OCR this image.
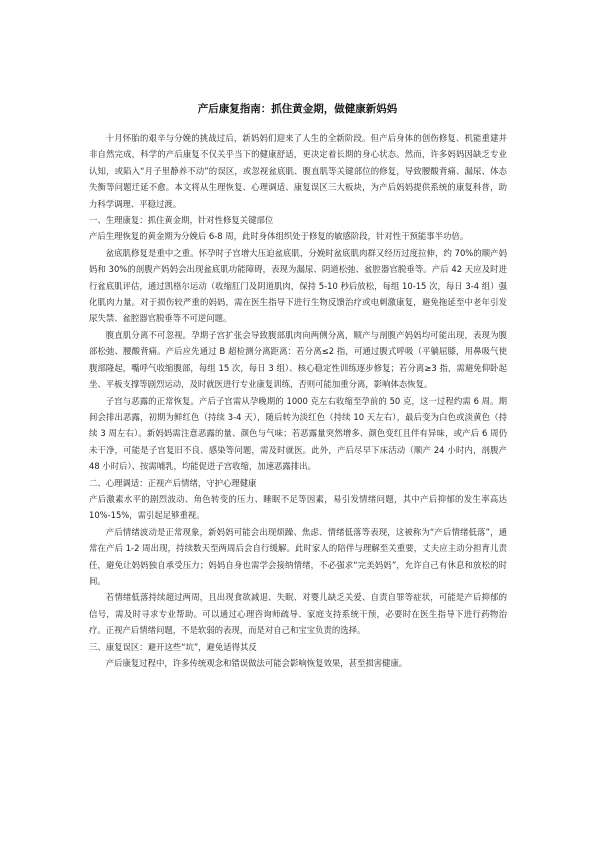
产后康复指南：抓住黄金期，做健康新妈妈

十月怀胎的艰辛与分娩的挑战过后，新妈妈们迎来了人生的全新阶段。但产后身体的创伤修复、机能重建并非自然完成，科学的产后康复不仅关乎当下的健康舒适，更决定着长期的身心状态。然而，许多妈妈因缺乏专业认知，或陷入“月子里静养不动”的误区，或忽视盆底肌、腹直肌等关键部位的修复，导致腰酸背痛、漏尿、体态失衡等问题迁延不愈。本文将从生理恢复、心理调适、康复误区三大板块，为产后妈妈提供系统的康复科普，助力科学调理、平稳过渡。

一、生理康复：抓住黄金期，针对性修复关键部位

产后生理恢复的黄金期为分娩后 6-8 周，此时身体组织处于修复的敏感阶段，针对性干预能事半功倍。

盆底肌修复是重中之重。怀孕时子宫增大压迫盆底肌，分娩时盆底肌肉群又经历过度拉伸，约 70%的顺产妈妈和 30%的剖腹产妈妈会出现盆底肌功能障碍，表现为漏尿、阴道松弛、盆腔器官脱垂等。产后 42 天应及时进行盆底肌评估，通过凯格尔运动（收缩肛门及阴道肌肉，保持 5-10 秒后放松，每组 10-15 次，每日 3-4 组）强化肌肉力量。对于损伤较严重的妈妈，需在医生指导下进行生物反馈治疗或电刺激康复，避免拖延至中老年引发尿失禁、盆腔器官脱垂等不可逆问题。

腹直肌分离不可忽视。孕期子宫扩张会导致腹部肌肉向两侧分离，顺产与剖腹产妈妈均可能出现，表现为腹部松弛、腰酸背痛。产后应先通过 B 超检测分离距离：若分离≤2 指，可通过腹式呼吸（平躺屈膝，用鼻吸气使腹部隆起，嘴呼气收缩腹部，每组 15 次，每日 3 组）、核心稳定性训练逐步修复；若分离≥3 指，需避免仰卧起坐、平板支撑等剧烈运动，及时就医进行专业康复训练，否则可能加重分离，影响体态恢复。

子宫与恶露的正常恢复。产后子宫需从孕晚期的 1000 克左右收缩至孕前的 50 克，这一过程约需 6 周。期间会排出恶露，初期为鲜红色（持续 3-4 天），随后转为淡红色（持续 10 天左右），最后变为白色或淡黄色（持续 3 周左右）。新妈妈需注意恶露的量、颜色与气味；若恶露量突然增多、颜色变红且伴有异味，或产后 6 周仍未干净，可能是子宫复旧不良、感染等问题，需及时就医。此外，产后尽早下床活动（顺产 24 小时内，剖腹产 48 小时后）、按需哺乳，均能促进子宫收缩，加速恶露排出。

二、心理调适：正视产后情绪，守护心理健康

产后激素水平的剧烈波动、角色转变的压力、睡眠不足等因素，易引发情绪问题，其中产后抑郁的发生率高达 10%-15%，需引起足够重视。

产后情绪波动是正常现象，新妈妈可能会出现烦躁、焦虑、情绪低落等表现，这被称为“产后情绪低落”，通常在产后 1-2 周出现，持续数天至两周后会自行缓解。此时家人的陪伴与理解至关重要，丈夫应主动分担育儿责任，避免让妈妈独自承受压力；妈妈自身也需学会接纳情绪，不必强求“完美妈妈”，允许自己有休息和放松的时间。

若情绪低落持续超过两周，且出现食欲减退、失眠、对婴儿缺乏关爱、自责自罪等症状，可能是产后抑郁的信号，需及时寻求专业帮助。可以通过心理咨询师疏导、家庭支持系统干预，必要时在医生指导下进行药物治疗。正视产后情绪问题，不是软弱的表现，而是对自己和宝宝负责的选择。

三、康复误区：避开这些“坑”，避免适得其反

产后康复过程中，许多传统观念和错误做法可能会影响恢复效果，甚至损害健康。
